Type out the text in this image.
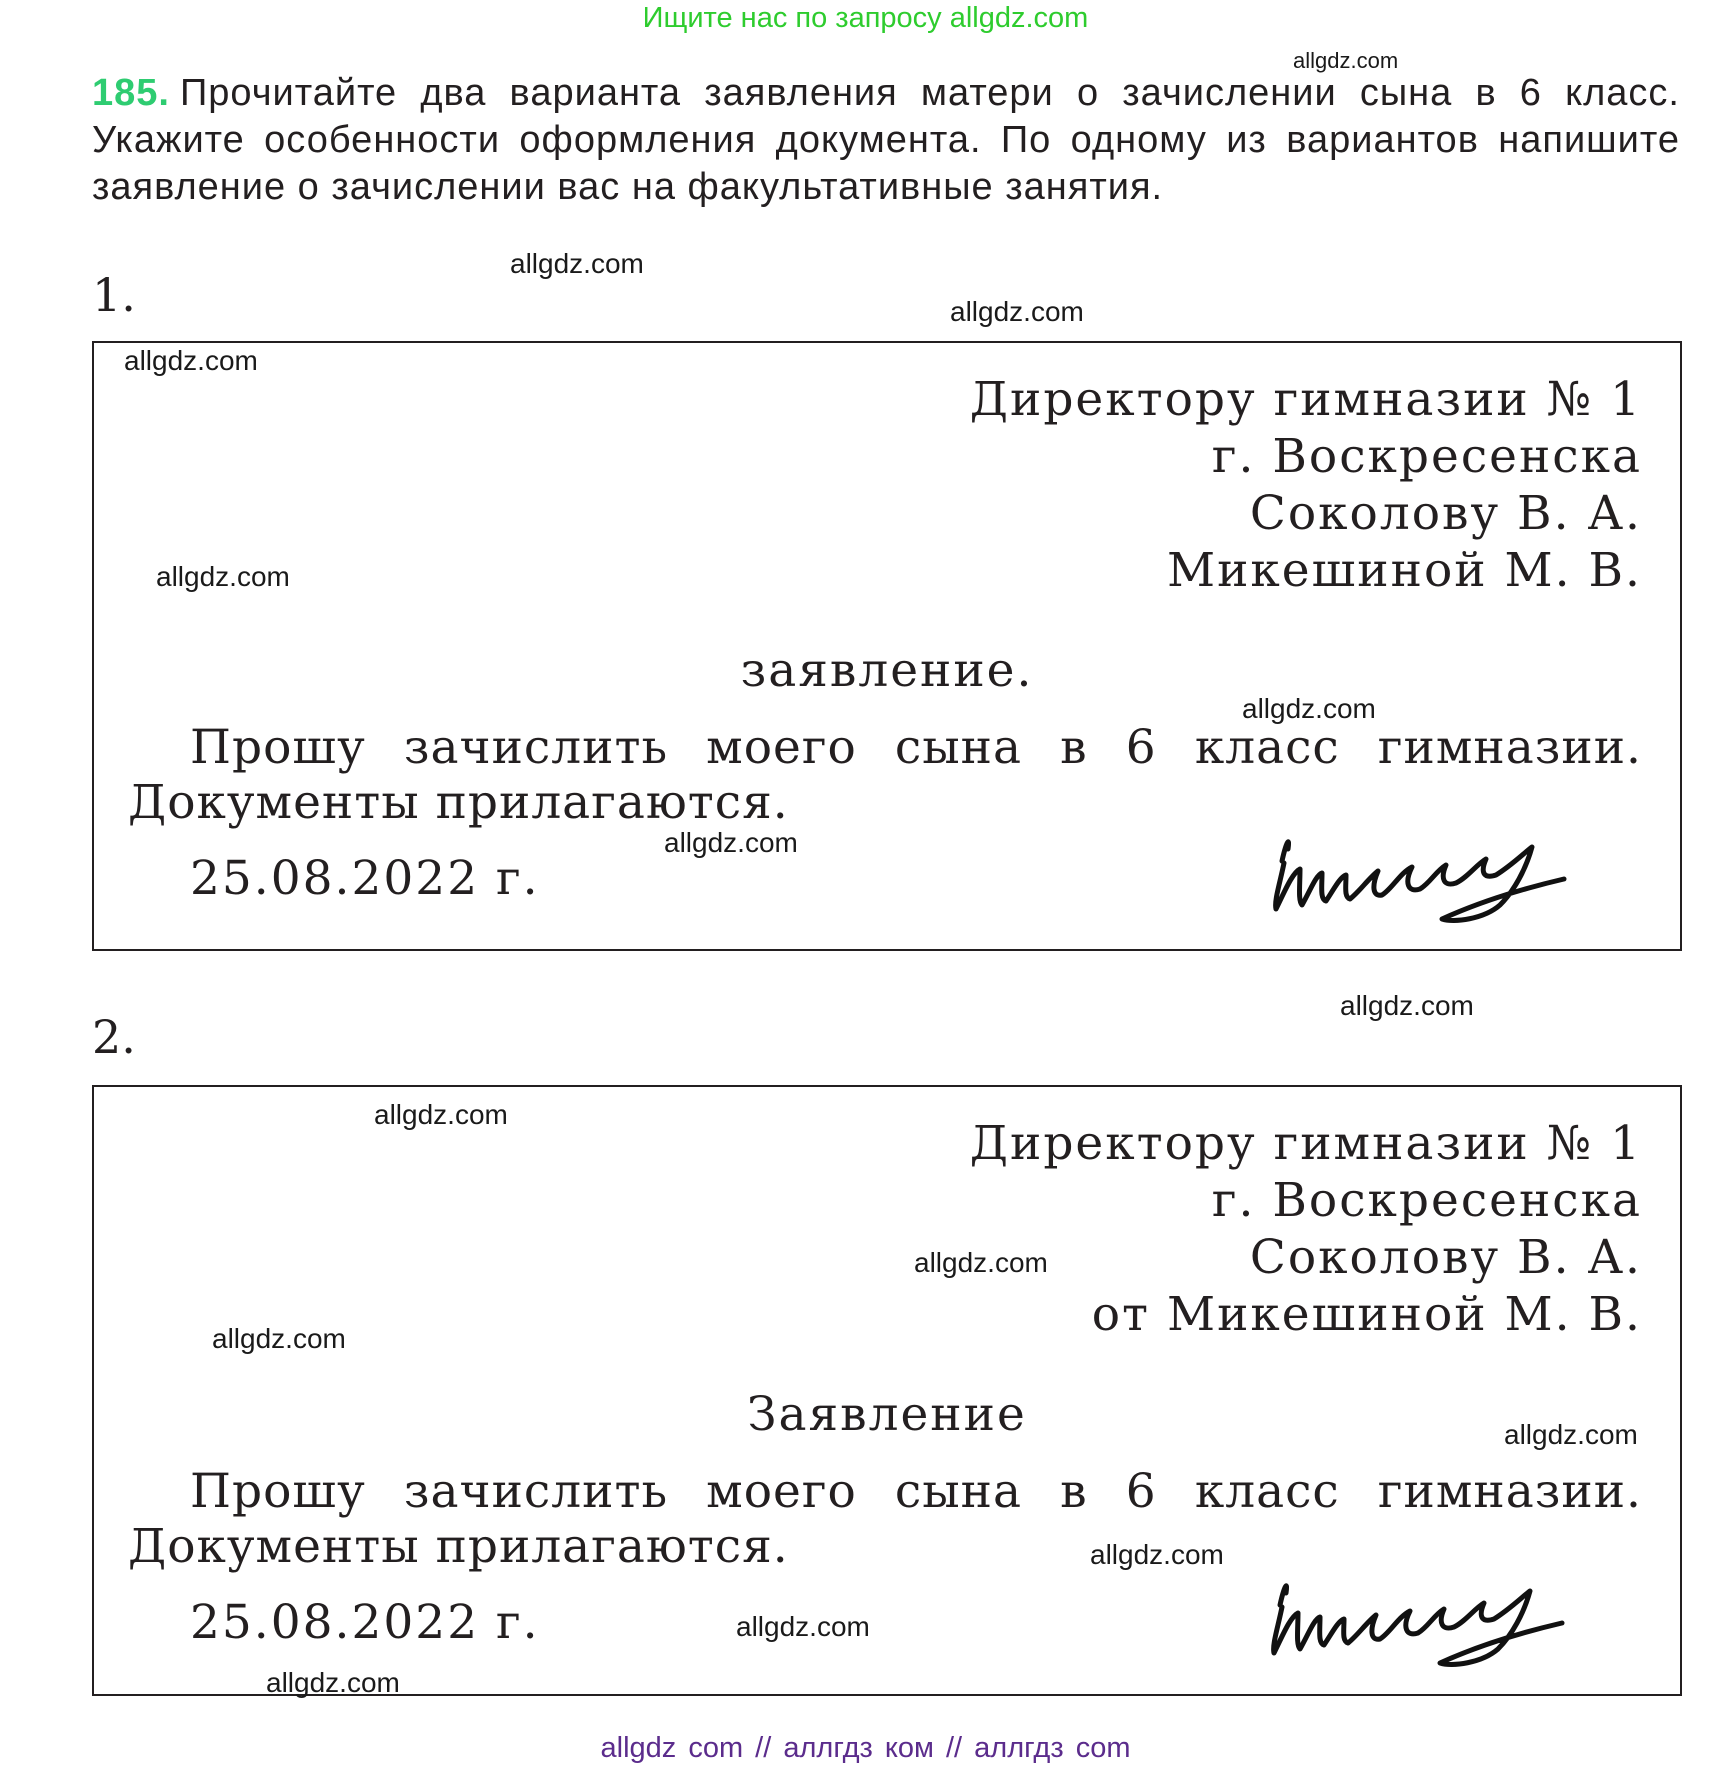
Ищите нас по запросу allgdz.com
allgdz.com
allgdz.com
allgdz.com
allgdz.com
185. Прочитайте два варианта заявления матери о зачислении сына в 6 класс. Укажите особенности оформления документа. По одному из вариантов напишите заявление о зачислении вас на факультативные занятия.
1.
allgdz.com
allgdz.com
allgdz.com
allgdz.com
Директору гимназии № 1
г. Воскресенска
Соколову В. А.
Микешиной М. В.
заявление.
Прошу зачислить моего сына в 6 класс гимназии.
Документы прилагаются.
25.08.2022 г.
2.
allgdz.com
allgdz.com
allgdz.com
allgdz.com
allgdz.com
allgdz.com
allgdz.com
Директору гимназии № 1
г. Воскресенска
Соколову В. А.
от Микешиной М. В.
Заявление
Прошу зачислить моего сына в 6 класс гимназии.
Документы прилагаются.
25.08.2022 г.
allgdz com // аллгдз ком // аллгдз com
